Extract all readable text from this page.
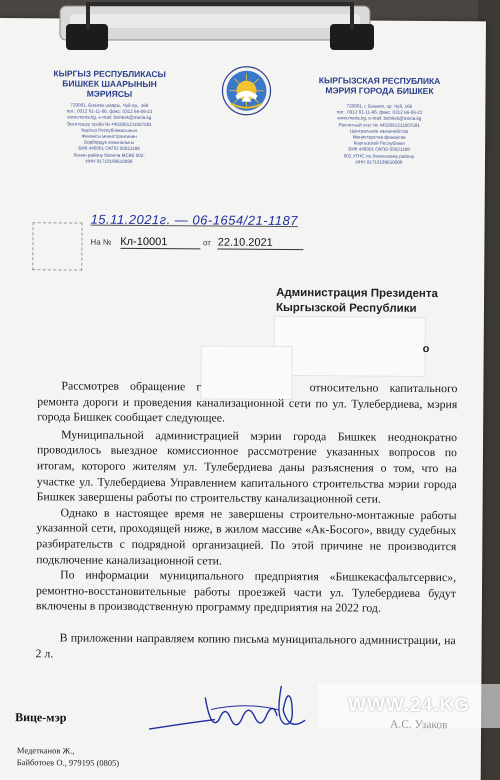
КЫРГЫЗ РЕСПУБЛИКАСЫ
БИШКЕК ШААРЫНЫН
МЭРИЯСЫ
720001, Бишкек шаары, Чүй пр., 166
тел.: 0312 61-11-66, факс: 0312 66-06-21
www.meria.kg, e-mail: bishkek@meria.kg
Эсептешүү эсеби № 4402061211007581
Кыргыз Республикасынын
Финансы министрлигинин
Борбордук казыналыгы
БИК 440001 ОКПО 00021188
Ленин району боюнча МСКБ 002,
ИНН 01710199610068
КЫРГЫЗСКАЯ РЕСПУБЛИКА
МЭРИЯ ГОРОДА БИШКЕК
720001, г. Бишкек, пр. Чуй, 166
тел.: 0312 61-11-66, факс: 0312 66-06-21
www.meria.kg, e-mail: bishkek@meria.kg
Расчетный счет № 4402061211007581
Центральное казначейство
Министерства финансов
Кыргызской Республики
БИК 440001 ОКПО 00021188
002 УГНС по Ленинскому району
ИНН 01710199610068
15.11.2021г. — 06-1654/21-1187
На № Кл-10001	от 22.10.2021
Администрация Президента
Кыргызской Республики
о

Рассмотрев обращение г	относительно капитального ремонта дороги и проведения канализационной сети по ул. Тулебердиева, мэрия города Бишкек сообщает следующее.

Муниципальной администрацией мэрии города Бишкек неоднократно проводилось выездное комиссионное рассмотрение указанных вопросов по итогам, которого жителям ул. Тулебердиева даны разъяснения о том, что на участке ул. Тулебердиева Управлением капитального строительства мэрии города Бишкек завершены работы по строительству канализационной сети.

Однако в настоящее время не завершены строительно-монтажные работы указанной сети, проходящей ниже, в жилом массиве «Ак-Босого», ввиду судебных разбирательств с подрядной организацией. По этой причине не производится подключение канализационной сети.

По информации муниципального предприятия «Бишкекасфальтсервис», ремонтно-восстановительные работы проезжей части ул. Тулебердиева будут включены в производственную программу предприятия на 2022 год.

В приложении направляем копию письма муниципального администрации, на 2 л.

Вице-мэр
Медетканов Ж.,
Байботоев О., 979195 (0805)
WWW.24.KG
